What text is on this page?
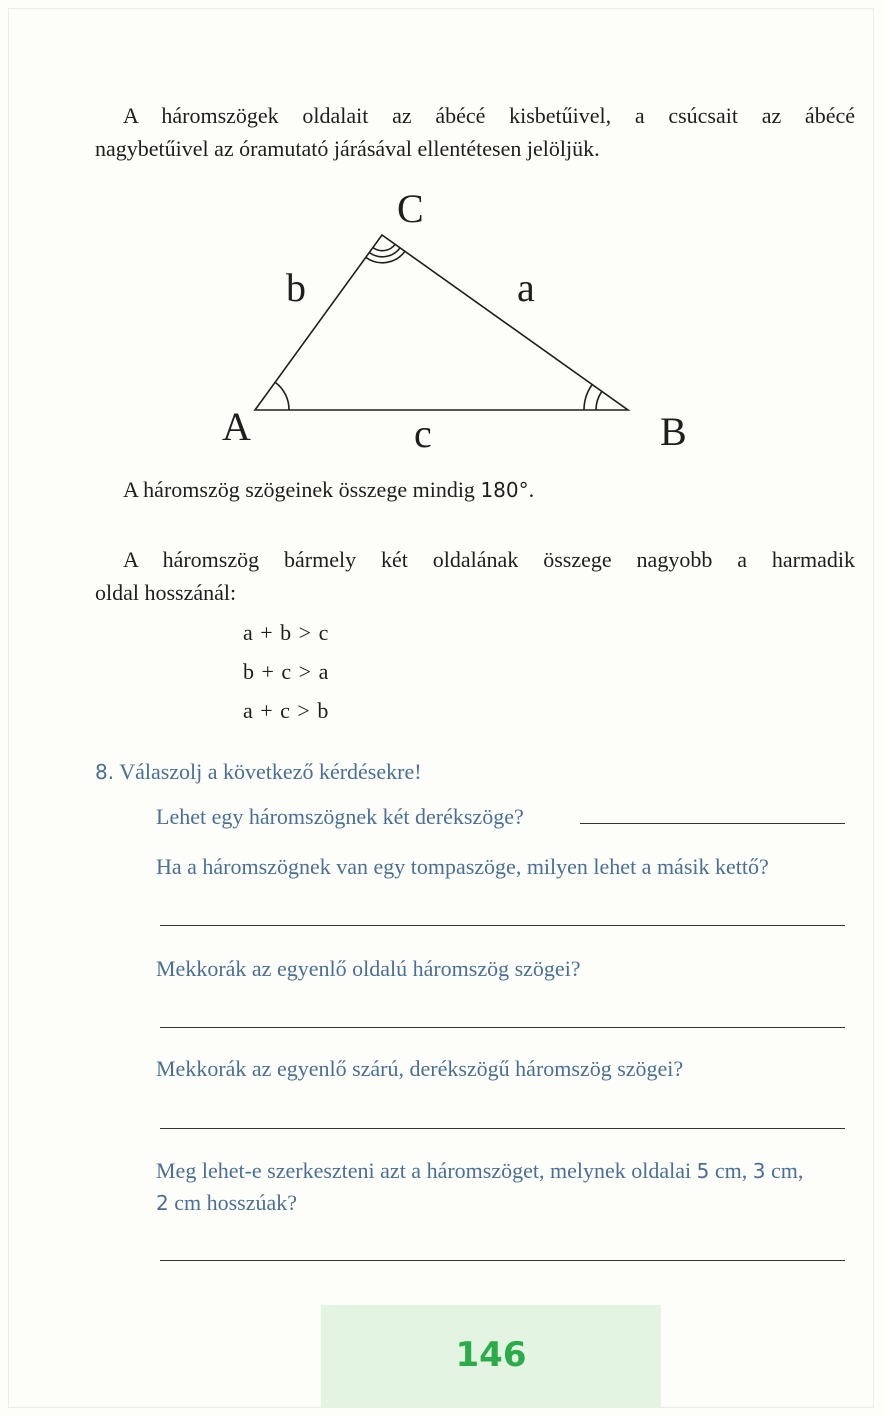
A háromszögek oldalait az ábécé kisbetűivel, a csúcsait az ábécé
nagybetűivel az óramutató járásával ellentétesen jelöljük.
C
A	B
b	a
c
A háromszög szögeinek összege mindig 180°.
A háromszög bármely két oldalának összege nagyobb a harmadik
oldal hosszánál:
a + b > c
b + c > a
a + c > b
8. Válaszolj a következő kérdésekre!
Lehet egy háromszögnek két derékszöge?
Ha a háromszögnek van egy tompaszöge, milyen lehet a másik kettő?
Mekkorák az egyenlő oldalú háromszög szögei?
Mekkorák az egyenlő szárú, derékszögű háromszög szögei?
Meg lehet-e szerkeszteni azt a háromszöget, melynek oldalai 5 cm, 3 cm,
2 cm hosszúak?
146
